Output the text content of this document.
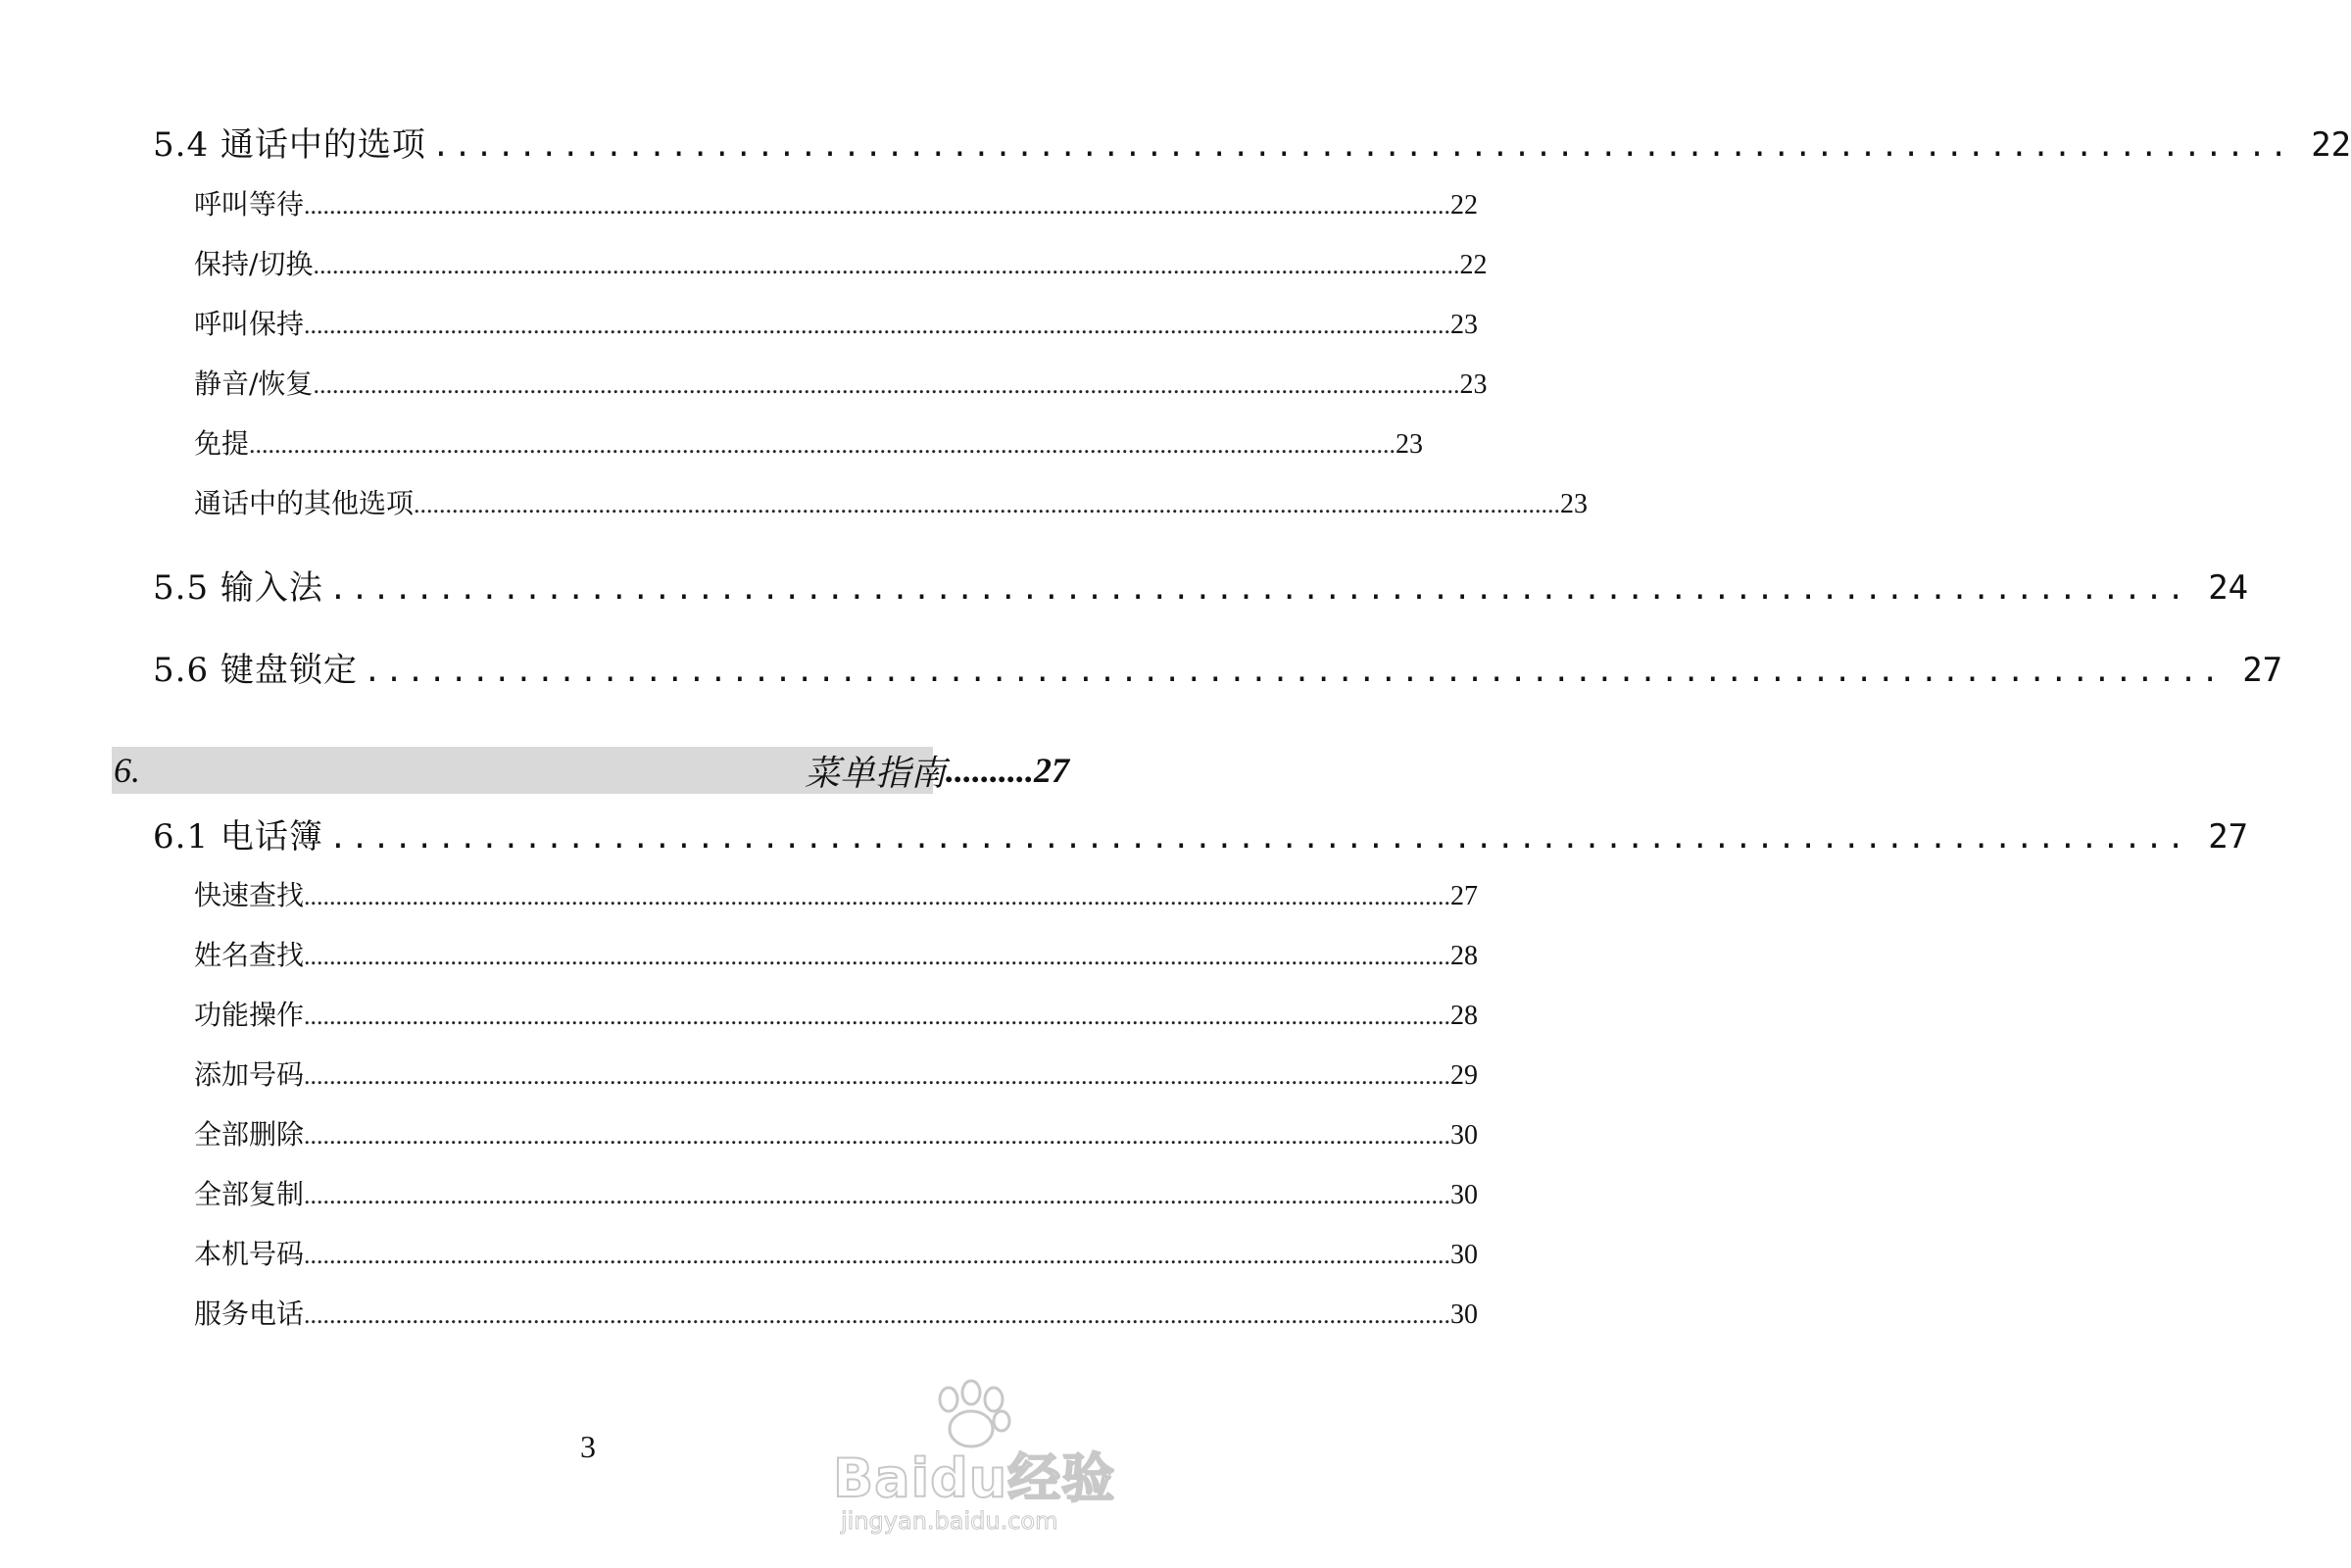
5.4 通话中的选项 ...................................................................................... 22
呼叫等待 .................................................................................................................................................................................... 22
保持/切换 .................................................................................................................................................................................... 22
呼叫保持 .................................................................................................................................................................................... 23
静音/恢复 .................................................................................................................................................................................... 23
免提 .................................................................................................................................................................................... 23
通话中的其他选项 .................................................................................................................................................................................... 23
5.5 输入法 ...................................................................................... 24
5.6 键盘锁定 ...................................................................................... 27
6.	菜单指南 .......... 27
6.1 电话簿 ...................................................................................... 27
快速查找 .................................................................................................................................................................................... 27
姓名查找 .................................................................................................................................................................................... 28
功能操作 .................................................................................................................................................................................... 28
添加号码 .................................................................................................................................................................................... 29
全部删除 .................................................................................................................................................................................... 30
全部复制 .................................................................................................................................................................................... 30
本机号码 .................................................................................................................................................................................... 30
服务电话 .................................................................................................................................................................................... 30
3
Baidu经验
jingyan.baidu.com
